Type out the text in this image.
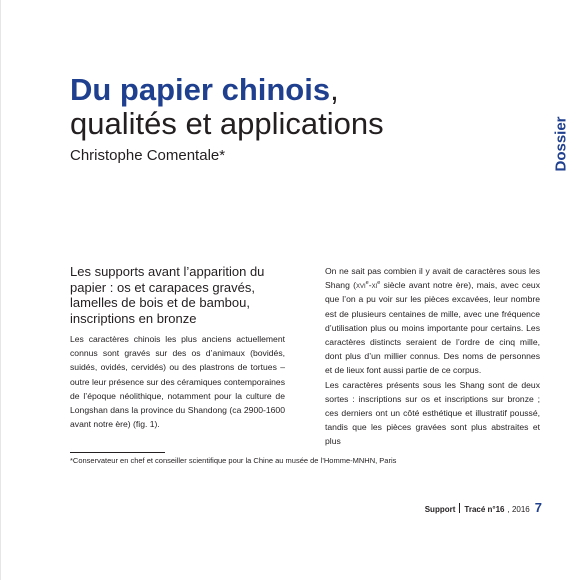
Du papier chinois,
qualités et applications
Christophe Comentale*	Dossier
Les supports avant l’apparition du papier : os et carapaces gravés, lamelles de bois et de bambou, inscriptions en bronze

Les caractères chinois les plus anciens actuellement connus sont gravés sur des os d’animaux (bovidés, suidés, ovidés, cervidés) ou des plastrons de tortues – outre leur présence sur des céramiques contemporaines de l’époque néolithique, notamment pour la culture de Longshan dans la province du Shandong (ca 2900-1600 avant notre ère) (fig. 1).

On ne sait pas combien il y avait de caractères sous les Shang ($xvi^e-xi^e$ siècle avant notre ère), mais, avec ceux que l’on a pu voir sur les pièces excavées, leur nombre est de plusieurs centaines de mille, avec une fréquence d’utilisation plus ou moins importante pour certains. Les caractères distincts seraient de l’ordre de cinq mille, dont plus d’un millier connus. Des noms de personnes et de lieux font aussi partie de ce corpus.

Les caractères présents sous les Shang sont de deux sortes : inscriptions sur os et inscriptions sur bronze ; ces derniers ont un côté esthétique et illustratif poussé, tandis que les pièces gravées sont plus abstraites et plus

*Conservateur en chef et conseiller scientifique pour la Chine au musée de l’Homme-MNHN, Paris
Support Tracé n°16 , 2016 7
